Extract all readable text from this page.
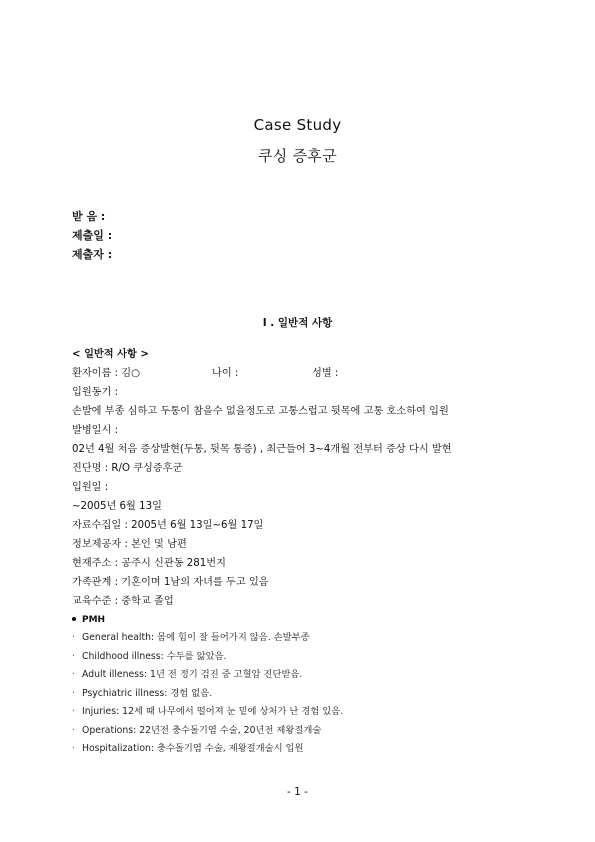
Case Study
쿠싱 증후군
받 음 :
제출일 :
제출자 :
I . 일반적 사항
< 일반적 사항 >
환자이름 : 김○	나이 :	성별 :
입원동기 :
손발에 부종 심하고 두통이 참을수 없을정도로 고통스럽고 뒷목에 고통 호소하여 입원
발병일시 :
02년 4월 처음 증상발현(두통, 뒷목 통증) , 최근들어 3~4개월 전부터 증상 다시 발현
진단명 : R/O 쿠싱증후군
입원일 :
~2005년 6월 13일
자료수집일 : 2005년 6월 13일~6월 17일
정보제공자 : 본인 및 남편
현재주소 : 공주시 신관동 281번지
가족관계 : 기혼이며 1남의 자녀를 두고 있음
교육수준 : 중학교 졸업
PMH
· General health: 몸에 힘이 잘 들어가지 않음. 손발부종
· Childhood illness: 수두를 앓았음.
· Adult illeness: 1년 전 정기 검진 중 고혈압 진단받음.
· Psychiatric illness: 경험 없음.
· Injuries: 12세 때 나무에서 떨어져 눈 밑에 상처가 난 경험 있음.
· Operations: 22년전 충수돌기염 수술, 20년전 제왕절개술
· Hospitalization: 충수돌기염 수술, 제왕절개술시 입원
- 1 -
